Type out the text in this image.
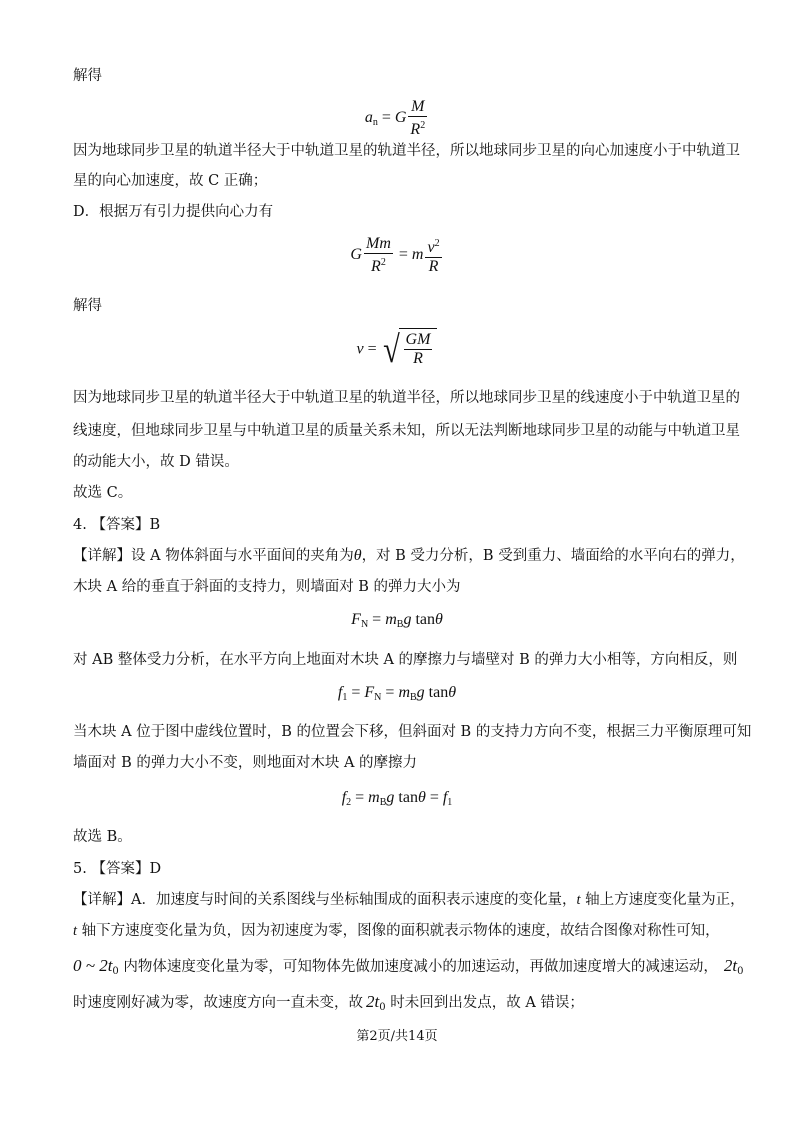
解得
$a_n = G \frac{M}{R^2}$
因为地球同步卫星的轨道半径大于中轨道卫星的轨道半径，所以地球同步卫星的向心加速度小于中轨道卫
星的向心加速度，故 C 正确；
D．根据万有引力提供向心力有
G $\frac{Mm}{R^2} = m \frac{v^2}{R}$
解得
v = √ $\frac{GM}{R}$
因为地球同步卫星的轨道半径大于中轨道卫星的轨道半径，所以地球同步卫星的线速度小于中轨道卫星的
线速度，但地球同步卫星与中轨道卫星的质量关系未知，所以无法判断地球同步卫星的动能与中轨道卫星
的动能大小，故 D 错误。
故选 C。
4. 【答案】B
【详解】设 A 物体斜面与水平面间的夹角为θ，对 B 受力分析，B 受到重力、墙面给的水平向右的弹力，
木块 A 给的垂直于斜面的支持力，则墙面对 B 的弹力大小为
$F_N = m_Bg$ tanθ
对 AB 整体受力分析，在水平方向上地面对木块 A 的摩擦力与墙壁对 B 的弹力大小相等，方向相反，则
$f_1 = F_N = m_Bg$ tanθ
当木块 A 位于图中虚线位置时，B 的位置会下移，但斜面对 B 的支持力方向不变，根据三力平衡原理可知
墙面对 B 的弹力大小不变，则地面对木块 A 的摩擦力
$f_2 = m_Bg$ $\tan\theta = f_1$
故选 B。
5. 【答案】D
【详解】A．加速度与时间的关系图线与坐标轴围成的面积表示速度的变化量，t 轴上方速度变化量为正，
t 轴下方速度变化量为负，因为初速度为零，图像的面积就表示物体的速度，故结合图像对称性可知，
0 ~ $2t_0$ 内物体速度变化量为零，可知物体先做加速度减小的加速运动，再做加速度增大的减速运动， $2t_0$
时速度刚好减为零，故速度方向一直未变，故 $2t_0$ 时未回到出发点，故 A 错误；
第2页/共14页
